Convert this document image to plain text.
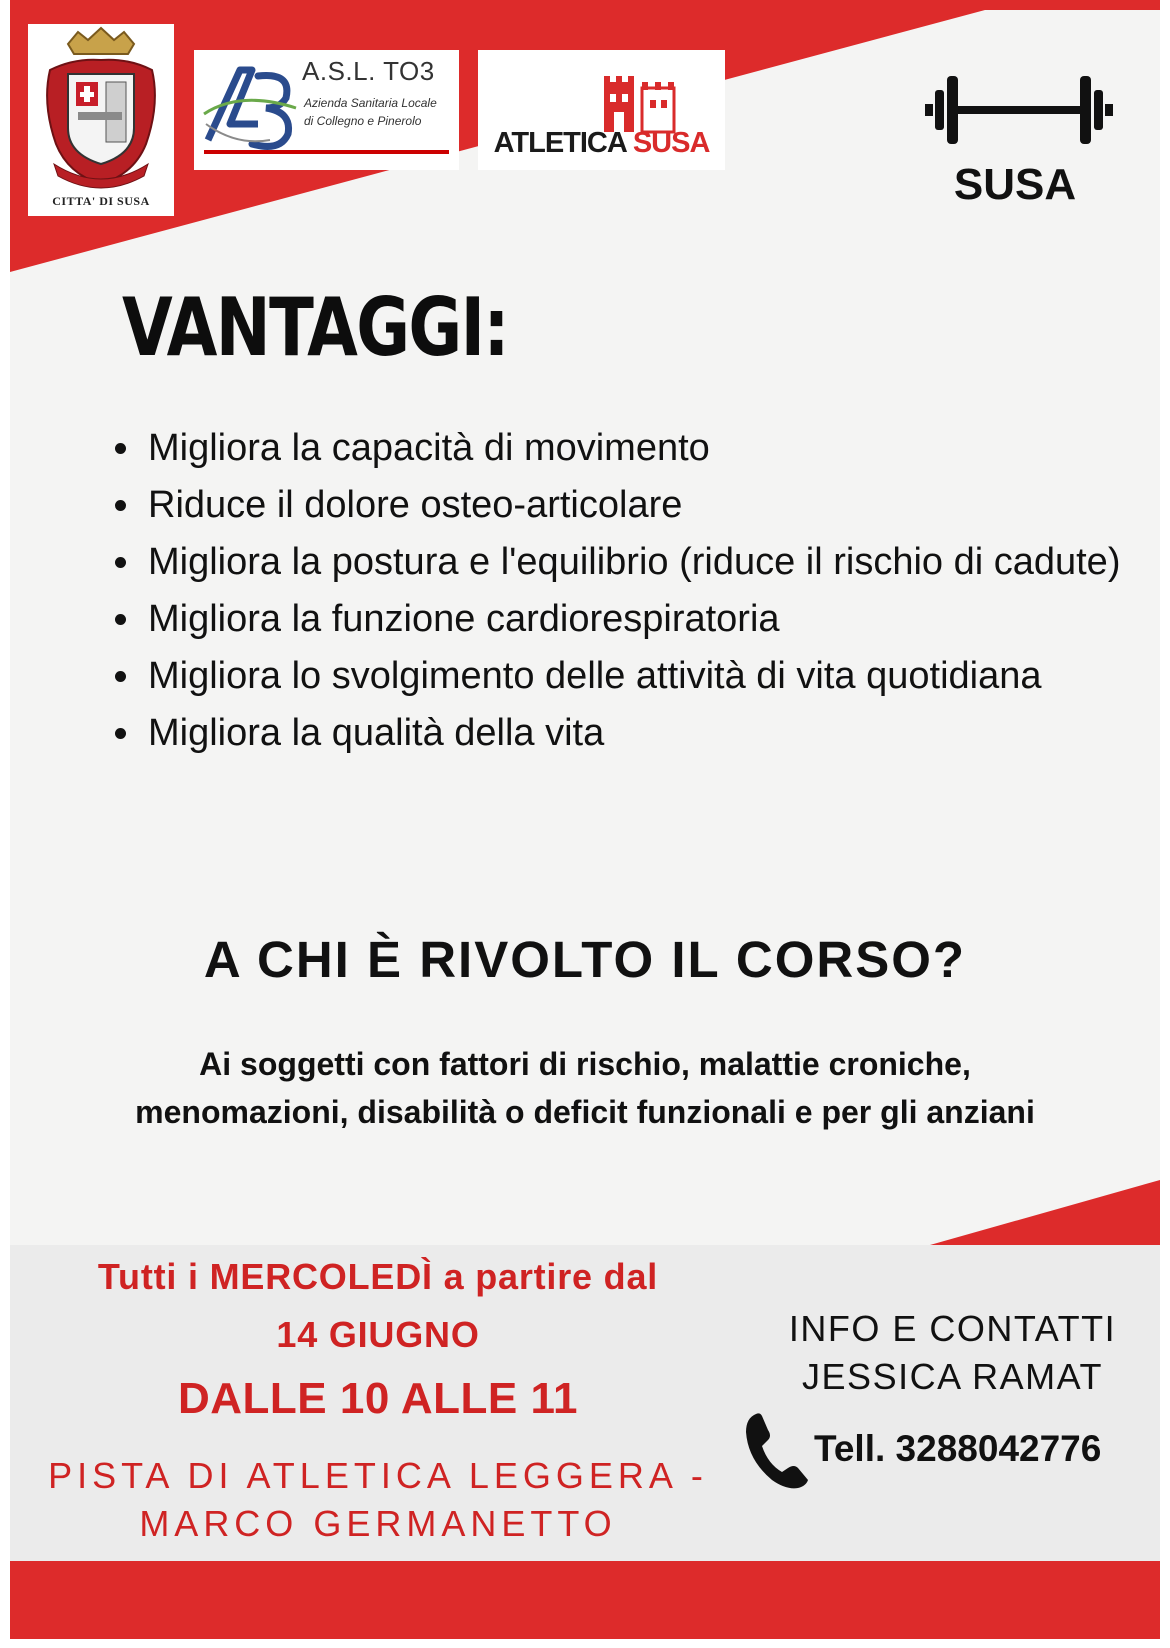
CITTA' DI SUSA
A.S.L. TO3
Azienda Sanitaria Locale
di Collegno e Pinerolo
ATLETICA SUSA
SUSA
VANTAGGI:
• Migliora la capacità di movimento
• Riduce il dolore osteo-articolare
• Migliora la postura e l'equilibrio (riduce il rischio di cadute)
• Migliora la funzione cardiorespiratoria
• Migliora lo svolgimento delle attività di vita quotidiana
• Migliora la qualità della vita
A CHI È RIVOLTO IL CORSO?
Ai soggetti con fattori di rischio, malattie croniche,
menomazioni, disabilità o deficit funzionali e per gli anziani
Tutti i MERCOLEDÌ a partire dal
14 GIUGNO
DALLE 10 ALLE 11
PISTA DI ATLETICA LEGGERA -
MARCO GERMANETTO
INFO E CONTATTI
JESSICA RAMAT
Tell. 3288042776
